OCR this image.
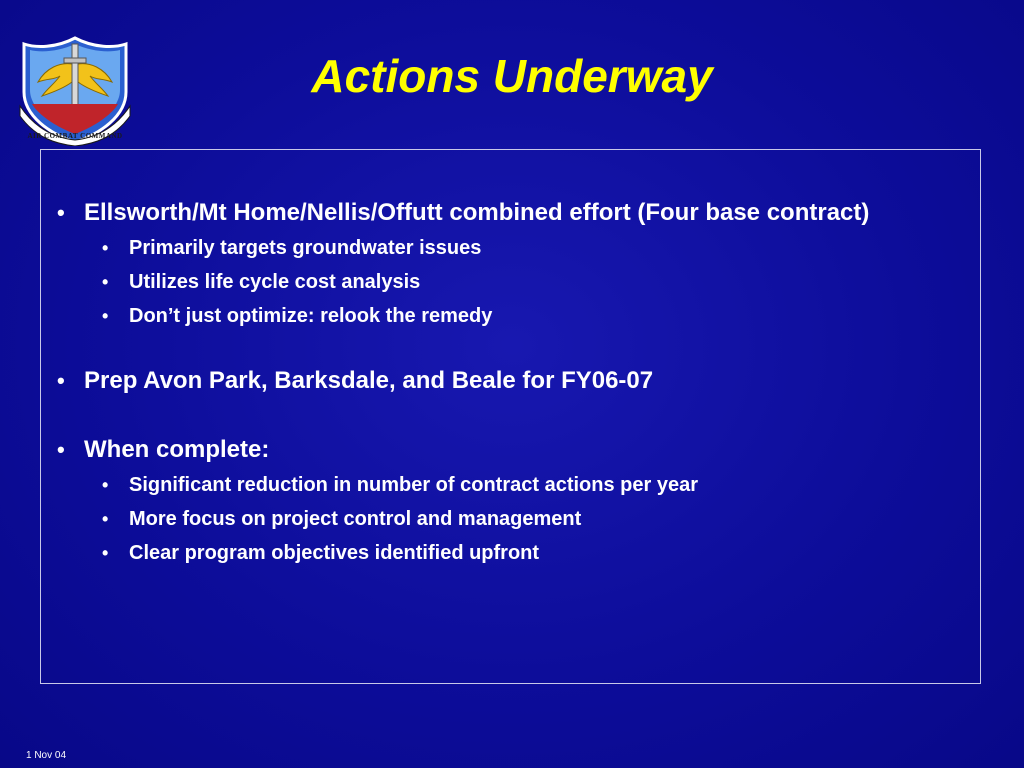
AIR COMBAT COMMAND
Actions Underway
• Ellsworth/Mt Home/Nellis/Offutt combined effort (Four base contract)
• Primarily targets groundwater issues
• Utilizes life cycle cost analysis
• Don’t just optimize: relook the remedy
• Prep Avon Park, Barksdale, and Beale for FY06-07
• When complete:
• Significant reduction in number of contract actions per year
• More focus on project control and management
• Clear program objectives identified upfront
1 Nov 04
